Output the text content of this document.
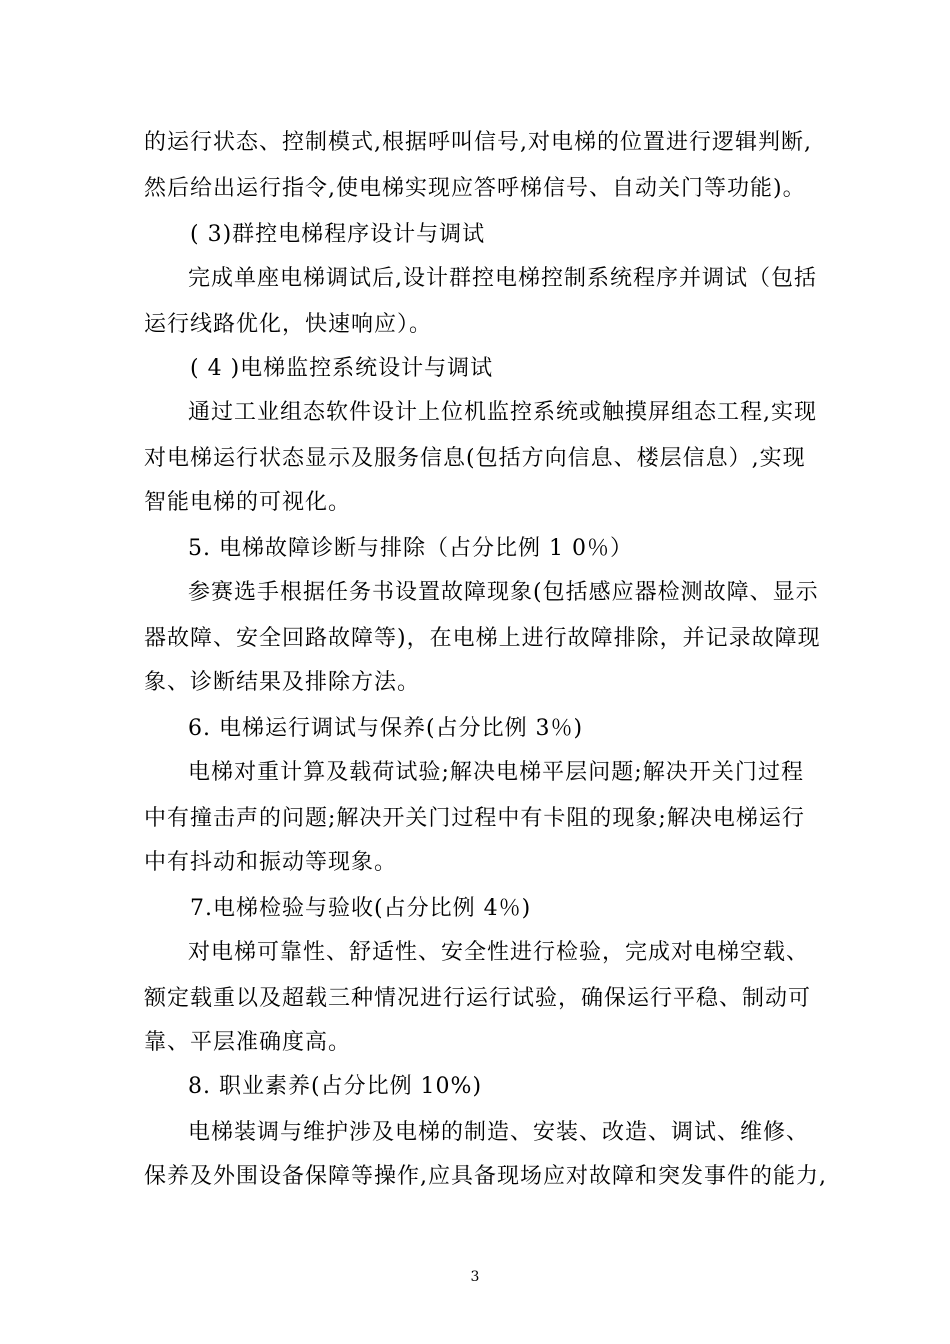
的运行状态、控制模式,根据呼叫信号,对电梯的位置进行逻辑判断,

然后给出运行指令,使电梯实现应答呼梯信号、自动关门等功能)。

( 3)群控电梯程序设计与调试

完成单座电梯调试后,设计群控电梯控制系统程序并调试（包括

运行线路优化，快速响应）。

( 4 )电梯监控系统设计与调试

通过工业组态软件设计上位机监控系统或触摸屏组态工程,实现

对电梯运行状态显示及服务信息(包括方向信息、楼层信息）,实现

智能电梯的可视化。

5. 电梯故障诊断与排除（占分比例 1 0％）

参赛选手根据任务书设置故障现象(包括感应器检测故障、显示

器故障、安全回路故障等)，在电梯上进行故障排除，并记录故障现

象、诊断结果及排除方法。

6. 电梯运行调试与保养(占分比例 3％)

电梯对重计算及载荷试验;解决电梯平层问题;解决开关门过程

中有撞击声的问题;解决开关门过程中有卡阻的现象;解决电梯运行

中有抖动和振动等现象。

7.电梯检验与验收(占分比例 4％)

对电梯可靠性、舒适性、安全性进行检验，完成对电梯空载、

额定载重以及超载三种情况进行运行试验，确保运行平稳、制动可

靠、平层准确度高。

8. 职业素养(占分比例 10%)

电梯装调与维护涉及电梯的制造、安装、改造、调试、维修、

保养及外围设备保障等操作,应具备现场应对故障和突发事件的能力,

3
